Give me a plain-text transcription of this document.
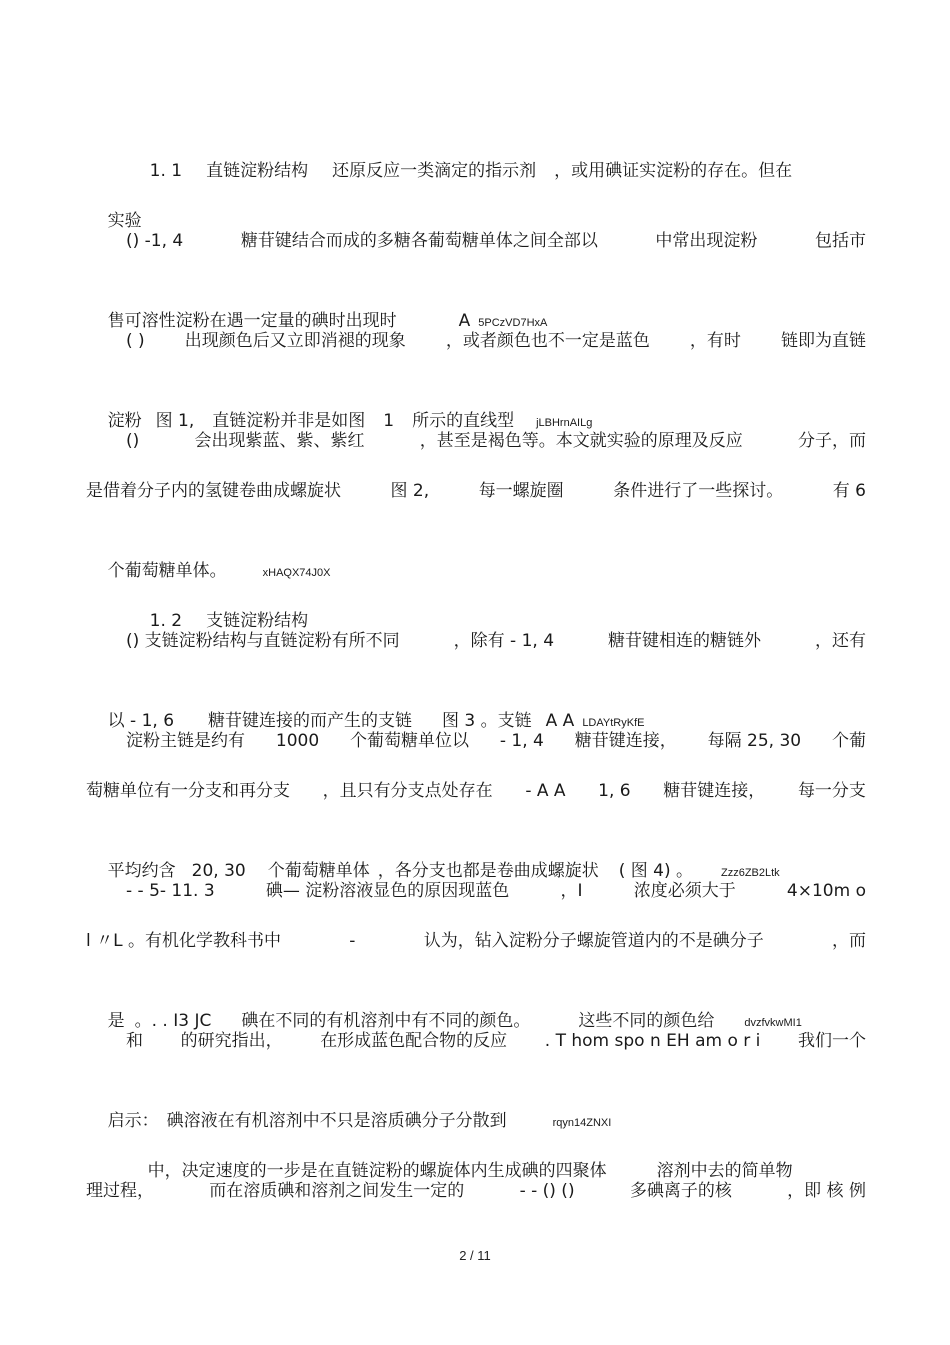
1. 1 直链淀粉结构 还原反应一类滴定的指示剂 ，或用碘证实淀粉的存在。但在

实验

() -1, 4	糖苷键结合而成的多糖各葡萄糖单体之间全部以	中常出现淀粉	包括市

售可溶性淀粉在遇一定量的碘时出现时	A 5PCzVD7HxA

( ) 出现颜色后又立即消褪的现象 ，或者颜色也不一定是蓝色 ，有时 链即为直链

淀粉 图 1, 直链淀粉并非是如图 1 所示的直线型 jLBHrnAILg

()	会出现紫蓝、紫、紫红	，甚至是褐色等。本文就实验的原理及反应	分子，而
是借着分子内的氢键卷曲成螺旋状	图 2,	每一螺旋圈	条件进行了一些探讨。	有 6

个葡萄糖单体。	xHAQX74J0X

1. 2 支链淀粉结构

() 支链淀粉结构与直链淀粉有所不同	，除有 - 1, 4	糖苷键相连的糖链外	，还有

以 - 1, 6 糖苷键连接的而产生的支链 图 3 。支链 A A LDAYtRyKfE

淀粉主链是约有 1000 个葡萄糖单位以 - 1, 4 糖苷键连接， 每隔 25, 30 个葡
萄糖单位有一分支和再分支 ，且只有分支点处存在 - A A 1, 6 糖苷键连接， 每一分支

平均约含 20, 30 个葡萄糖单体 ，各分支也都是卷曲成螺旋状 ( 图 4) 。	Zzz6ZB2Ltk

- - 5- 11. 3	碘— 淀粉溶液显色的原因现蓝色	，I	浓度必须大于	4×10m o
l 〃L 。有机化学教科书中	-	认为，钻入淀粉分子螺旋管道内的不是碘分子	，而

是 。. . I3 JC 碘在不同的有机溶剂中有不同的颜色。	这些不同的颜色给	dvzfvkwMI1

和 的研究指出， 在形成蓝色配合物的反应 . T hom spo n EH am o r i 我们一个

启示： 碘溶液在有机溶剂中不只是溶质碘分子分散到	rqyn14ZNXI

中，决定速度的一步是在直链淀粉的螺旋体内生成碘的四聚体	溶剂中去的简单物

理过程，	而在溶质碘和溶剂之间发生一定的	- - () ()	多碘离子的核	，即 核 例
2 / 11
